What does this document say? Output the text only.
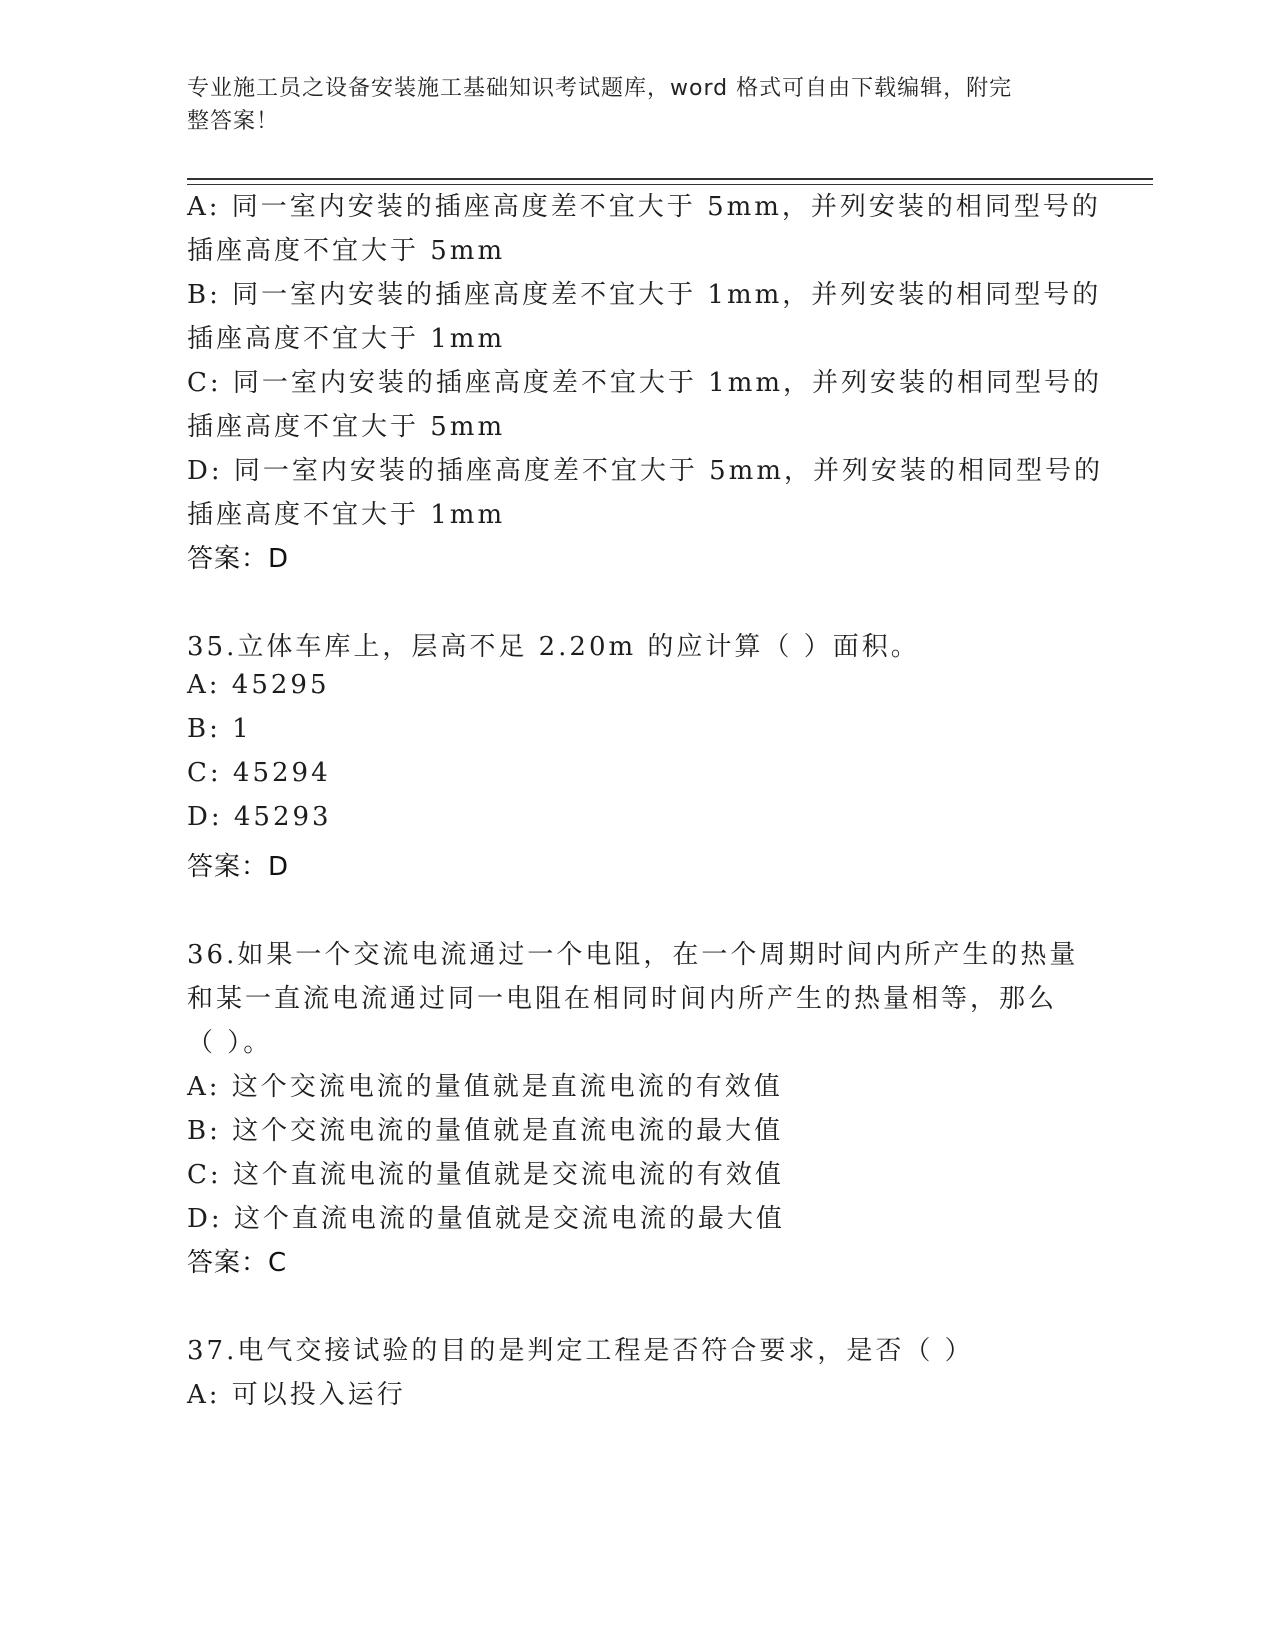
专业施工员之设备安装施工基础知识考试题库，word 格式可自由下载编辑，附完
整答案！
A: 同一室内安装的插座高度差不宜大于 5mm，并列安装的相同型号的
插座高度不宜大于 5mm
B: 同一室内安装的插座高度差不宜大于 1mm，并列安装的相同型号的
插座高度不宜大于 1mm
C: 同一室内安装的插座高度差不宜大于 1mm，并列安装的相同型号的
插座高度不宜大于 5mm
D: 同一室内安装的插座高度差不宜大于 5mm，并列安装的相同型号的
插座高度不宜大于 1mm
答案：D
35.立体车库上，层高不足 2.20m 的应计算（ ）面积。
A: 45295
B: 1
C: 45294
D: 45293
答案：D
36.如果一个交流电流通过一个电阻，在一个周期时间内所产生的热量
和某一直流电流通过同一电阻在相同时间内所产生的热量相等，那么
（ ）。
A: 这个交流电流的量值就是直流电流的有效值
B: 这个交流电流的量值就是直流电流的最大值
C: 这个直流电流的量值就是交流电流的有效值
D: 这个直流电流的量值就是交流电流的最大值
答案：C
37.电气交接试验的目的是判定工程是否符合要求，是否（ ）
A: 可以投入运行
